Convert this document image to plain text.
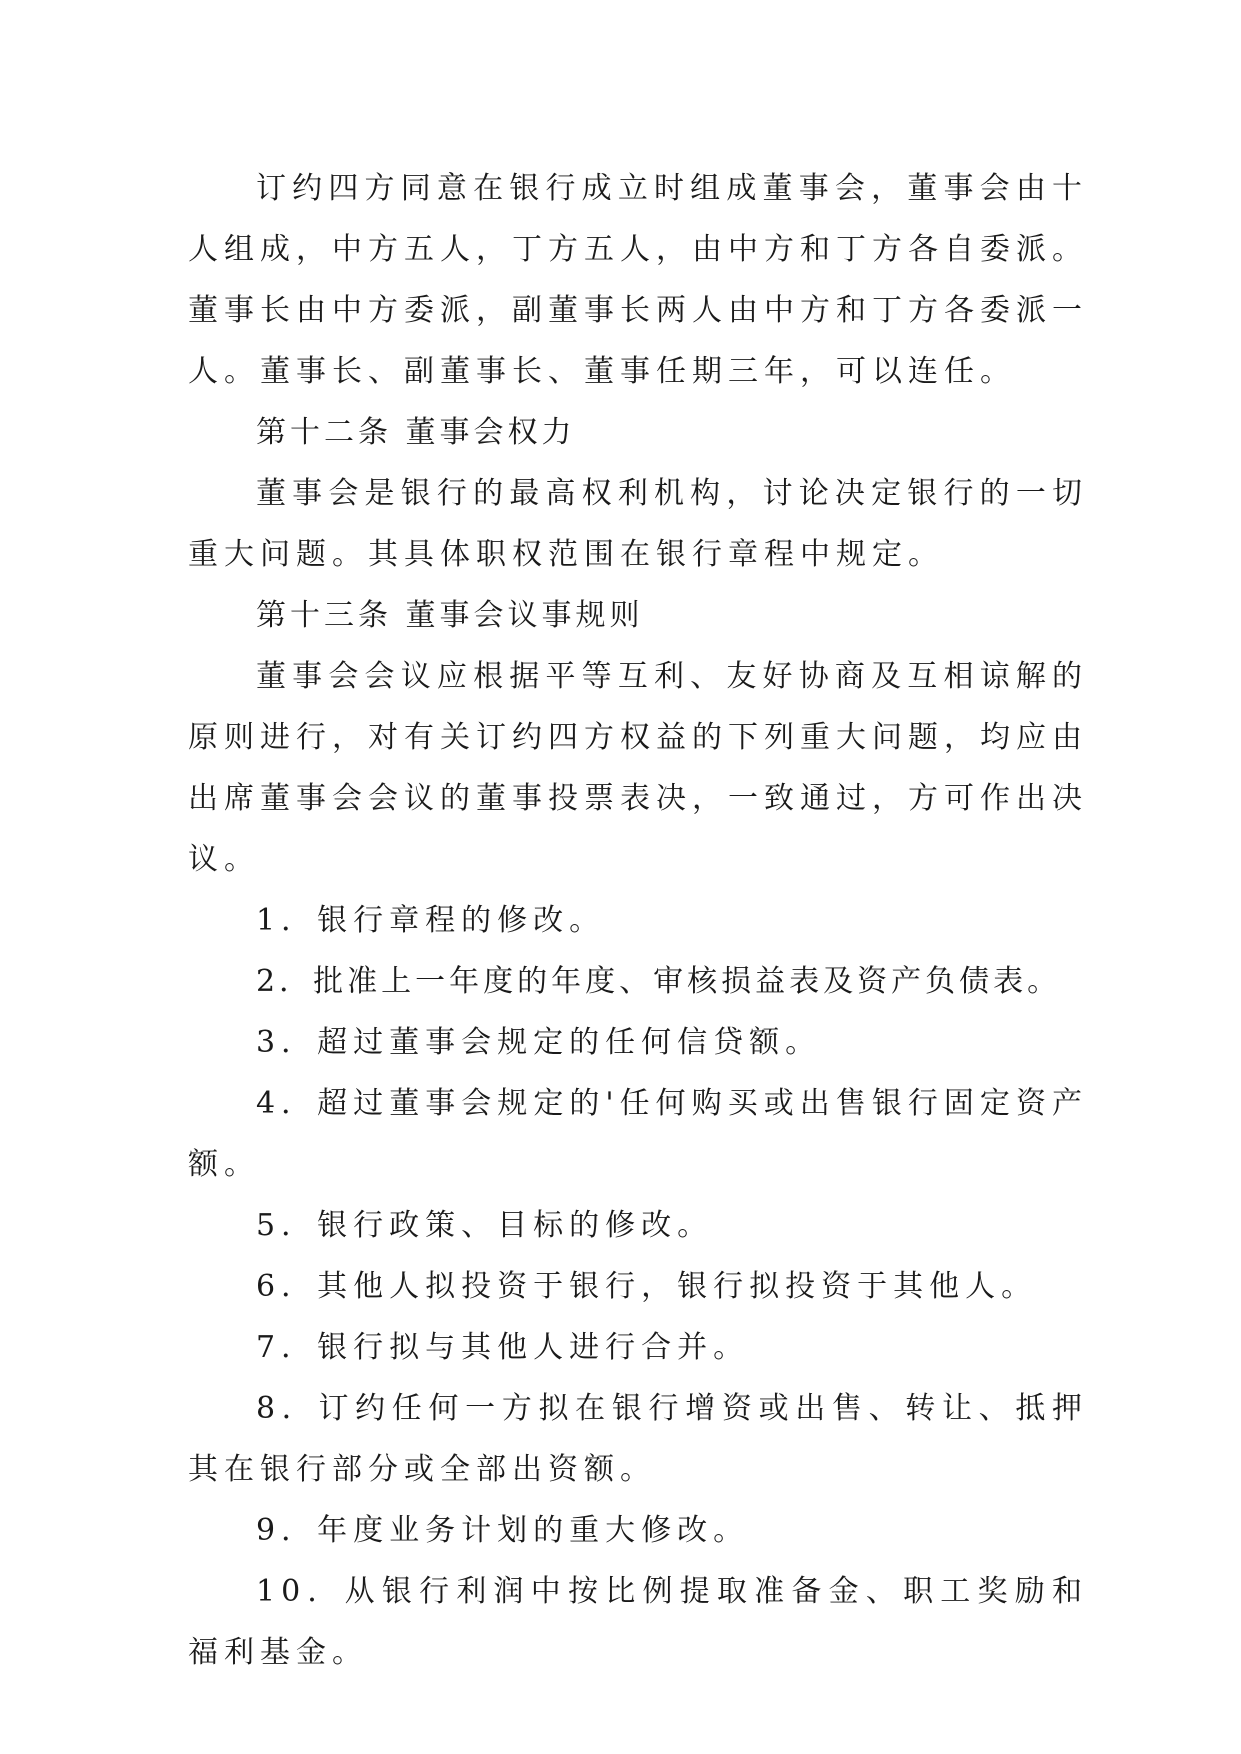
订约四方同意在银行成立时组成董事会，董事会由十人组成，中方五人，丁方五人，由中方和丁方各自委派。董事长由中方委派，副董事长两人由中方和丁方各委派一人。董事长、副董事长、董事任期三年，可以连任。

第十二条 董事会权力

董事会是银行的最高权利机构，讨论决定银行的一切重大问题。其具体职权范围在银行章程中规定。

第十三条 董事会议事规则

董事会会议应根据平等互利、友好协商及互相谅解的原则进行，对有关订约四方权益的下列重大问题，均应由出席董事会会议的董事投票表决，一致通过，方可作出决议。

1．银行章程的修改。

2．批准上一年度的年度、审核损益表及资产负债表。

3．超过董事会规定的任何信贷额。

4．超过董事会规定的'任何购买或出售银行固定资产额。

5．银行政策、目标的修改。

6．其他人拟投资于银行，银行拟投资于其他人。

7．银行拟与其他人进行合并。

8．订约任何一方拟在银行增资或出售、转让、抵押其在银行部分或全部出资额。

9．年度业务计划的重大修改。

10．从银行利润中按比例提取准备金、职工奖励和福利基金。
